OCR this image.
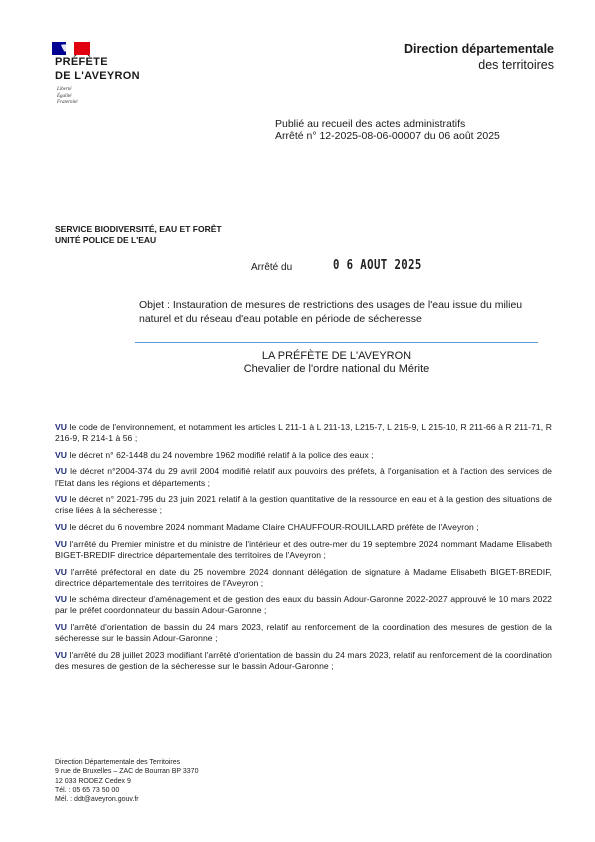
PRÉFÈTE
DE L'AVEYRON
Liberté
Égalité
Fraternité
Direction départementale
des territoires
Publié au recueil des actes administratifs
Arrêté n° 12-2025-08-06-00007 du 06 août 2025
SERVICE BIODIVERSITÉ, EAU ET FORÊT
UNITÉ POLICE DE L'EAU
Arrêté du	0 6 AOUT 2025
Objet : Instauration de mesures de restrictions des usages de l'eau issue du milieu naturel et du réseau d'eau potable en période de sécheresse
LA PRÉFÈTE DE L'AVEYRON
Chevalier de l'ordre national du Mérite
VU le code de l'environnement, et notamment les articles L 211-1 à L 211-13, L215-7, L 215-9, L 215-10, R 211-66 à R 211-71, R 216-9, R 214-1 à 56 ;
VU le décret n° 62-1448 du 24 novembre 1962 modifié relatif à la police des eaux ;
VU le décret n°2004-374 du 29 avril 2004 modifié relatif aux pouvoirs des préfets, à l'organisation et à l'action des services de l'Etat dans les régions et départements ;
VU le décret n° 2021-795 du 23 juin 2021 relatif à la gestion quantitative de la ressource en eau et à la gestion des situations de crise liées à la sécheresse ;
VU le décret du 6 novembre 2024 nommant Madame Claire CHAUFFOUR-ROUILLARD préfète de l'Aveyron ;
VU l'arrêté du Premier ministre et du ministre de l'intérieur et des outre-mer du 19 septembre 2024 nommant Madame Elisabeth BIGET-BREDIF directrice départementale des territoires de l'Aveyron ;
VU l'arrêté préfectoral en date du 25 novembre 2024 donnant délégation de signature à Madame Elisabeth BIGET-BREDIF, directrice départementale des territoires de l'Aveyron ;
VU le schéma directeur d'aménagement et de gestion des eaux du bassin Adour-Garonne 2022-2027 approuvé le 10 mars 2022 par le préfet coordonnateur du bassin Adour-Garonne ;
VU l'arrêté d'orientation de bassin du 24 mars 2023, relatif au renforcement de la coordination des mesures de gestion de la sécheresse sur le bassin Adour-Garonne ;
VU l'arrêté du 28 juillet 2023 modifiant l'arrêté d'orientation de bassin du 24 mars 2023, relatif au renforcement de la coordination des mesures de gestion de la sécheresse sur le bassin Adour-Garonne ;
Direction Départementale des Territoires
9 rue de Bruxelles – ZAC de Bourran BP 3370
12 033 RODEZ Cedex 9
Tél. : 05 65 73 50 00
Mél. : ddt@aveyron.gouv.fr
